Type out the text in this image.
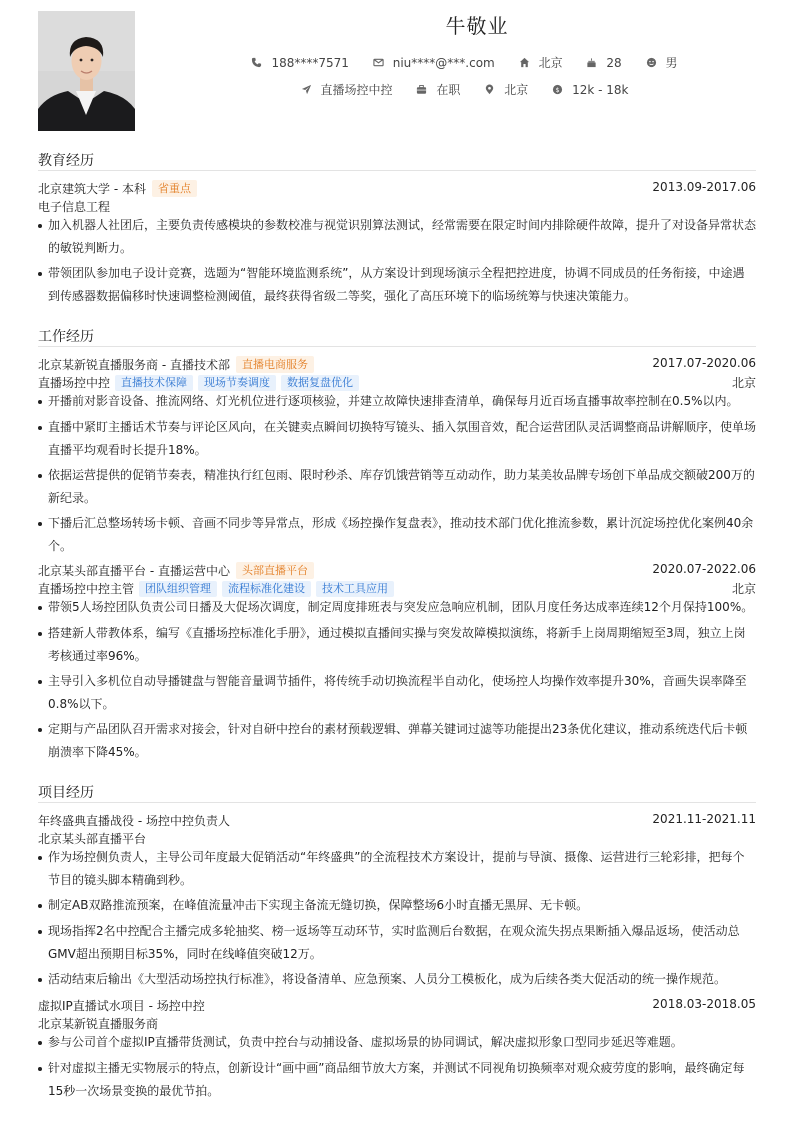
牛敬业
188****7571
	niu****@***.com
	北京
	28
	男
直播场控中控
	在职
	北京
	$ 12k - 18k
教育经历
北京建筑大学 - 本科	省重点	2013.09-2017.06
电子信息工程
加入机器人社团后，主要负责传感模块的参数校准与视觉识别算法测试，经常需要在限定时间内排除硬件故障，提升了对设备异常状态的敏锐判断力。
带领团队参加电子设计竞赛，选题为“智能环境监测系统”，从方案设计到现场演示全程把控进度，协调不同成员的任务衔接，中途遇到传感器数据偏移时快速调整检测阈值，最终获得省级二等奖，强化了高压环境下的临场统筹与快速决策能力。
工作经历
北京某新锐直播服务商 - 直播技术部	直播电商服务	2017.07-2020.06
直播场控中控	直播技术保障	现场节奏调度	数据复盘优化	北京
开播前对影音设备、推流网络、灯光机位进行逐项核验，并建立故障快速排查清单，确保每月近百场直播事故率控制在0.5%以内。
直播中紧盯主播话术节奏与评论区风向，在关键卖点瞬间切换特写镜头、插入氛围音效，配合运营团队灵活调整商品讲解顺序，使单场直播平均观看时长提升18%。
依据运营提供的促销节奏表，精准执行红包雨、限时秒杀、库存饥饿营销等互动动作，助力某美妆品牌专场创下单品成交额破200万的新纪录。
下播后汇总整场转场卡顿、音画不同步等异常点，形成《场控操作复盘表》，推动技术部门优化推流参数，累计沉淀场控优化案例40余个。
北京某头部直播平台 - 直播运营中心	头部直播平台	2020.07-2022.06
直播场控中控主管	团队组织管理	流程标准化建设	技术工具应用	北京
带领5人场控团队负责公司日播及大促场次调度，制定周度排班表与突发应急响应机制，团队月度任务达成率连续12个月保持100%。
搭建新人带教体系，编写《直播场控标准化手册》，通过模拟直播间实操与突发故障模拟演练，将新手上岗周期缩短至3周，独立上岗考核通过率96%。
主导引入多机位自动导播键盘与智能音量调节插件，将传统手动切换流程半自动化，使场控人均操作效率提升30%，音画失误率降至0.8%以下。
定期与产品团队召开需求对接会，针对自研中控台的素材预载逻辑、弹幕关键词过滤等功能提出23条优化建议，推动系统迭代后卡顿崩溃率下降45%。
项目经历
年终盛典直播战役 - 场控中控负责人	2021.11-2021.11
北京某头部直播平台
作为场控侧负责人，主导公司年度最大促销活动“年终盛典”的全流程技术方案设计，提前与导演、摄像、运营进行三轮彩排，把每个节目的镜头脚本精确到秒。
制定AB双路推流预案，在峰值流量冲击下实现主备流无缝切换，保障整场6小时直播无黑屏、无卡顿。
现场指挥2名中控配合主播完成多轮抽奖、榜一返场等互动环节，实时监测后台数据，在观众流失拐点果断插入爆品返场，使活动总GMV超出预期目标35%，同时在线峰值突破12万。
活动结束后输出《大型活动场控执行标准》，将设备清单、应急预案、人员分工模板化，成为后续各类大促活动的统一操作规范。
虚拟IP直播试水项目 - 场控中控	2018.03-2018.05
北京某新锐直播服务商
参与公司首个虚拟IP直播带货测试，负责中控台与动捕设备、虚拟场景的协同调试，解决虚拟形象口型同步延迟等难题。
针对虚拟主播无实物展示的特点，创新设计“画中画”商品细节放大方案，并测试不同视角切换频率对观众疲劳度的影响，最终确定每15秒一次场景变换的最优节拍。
